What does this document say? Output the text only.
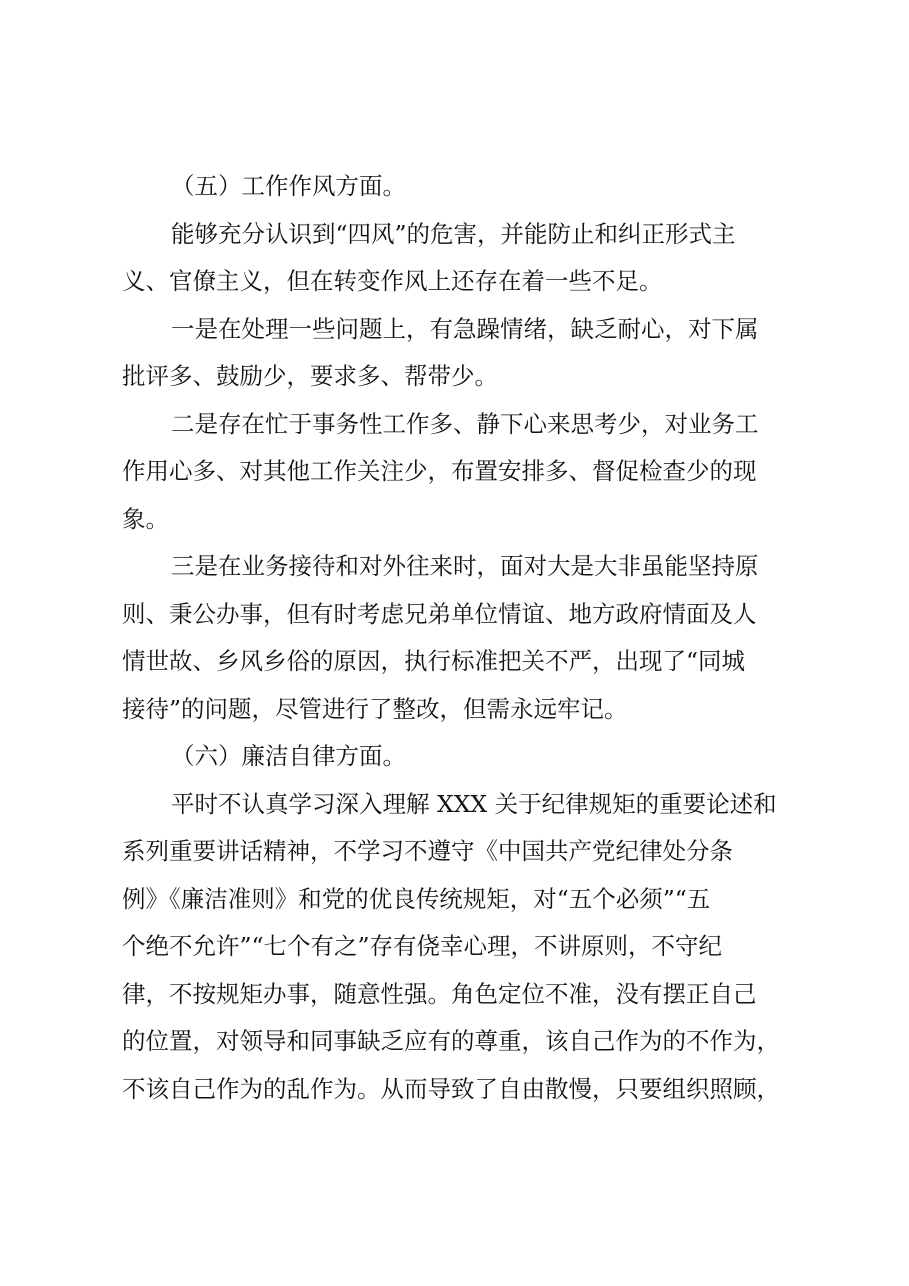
（五）工作作风方面。
能够充分认识到“四风”的危害，并能防止和纠正形式主
义、官僚主义，但在转变作风上还存在着一些不足。
一是在处理一些问题上，有急躁情绪，缺乏耐心，对下属
批评多、鼓励少，要求多、帮带少。
二是存在忙于事务性工作多、静下心来思考少，对业务工
作用心多、对其他工作关注少，布置安排多、督促检查少的现
象。
三是在业务接待和对外往来时，面对大是大非虽能坚持原
则、秉公办事，但有时考虑兄弟单位情谊、地方政府情面及人
情世故、乡风乡俗的原因，执行标准把关不严，出现了“同城
接待”的问题，尽管进行了整改，但需永远牢记。
（六）廉洁自律方面。
平时不认真学习深入理解 XXX 关于纪律规矩的重要论述和
系列重要讲话精神，不学习不遵守《中国共产党纪律处分条
例》《廉洁准则》和党的优良传统规矩，对“五个必须”“五
个绝不允许”“七个有之”存有侥幸心理，不讲原则，不守纪
律，不按规矩办事，随意性强。角色定位不准，没有摆正自己
的位置，对领导和同事缺乏应有的尊重，该自己作为的不作为，
不该自己作为的乱作为。从而导致了自由散慢，只要组织照顾，
